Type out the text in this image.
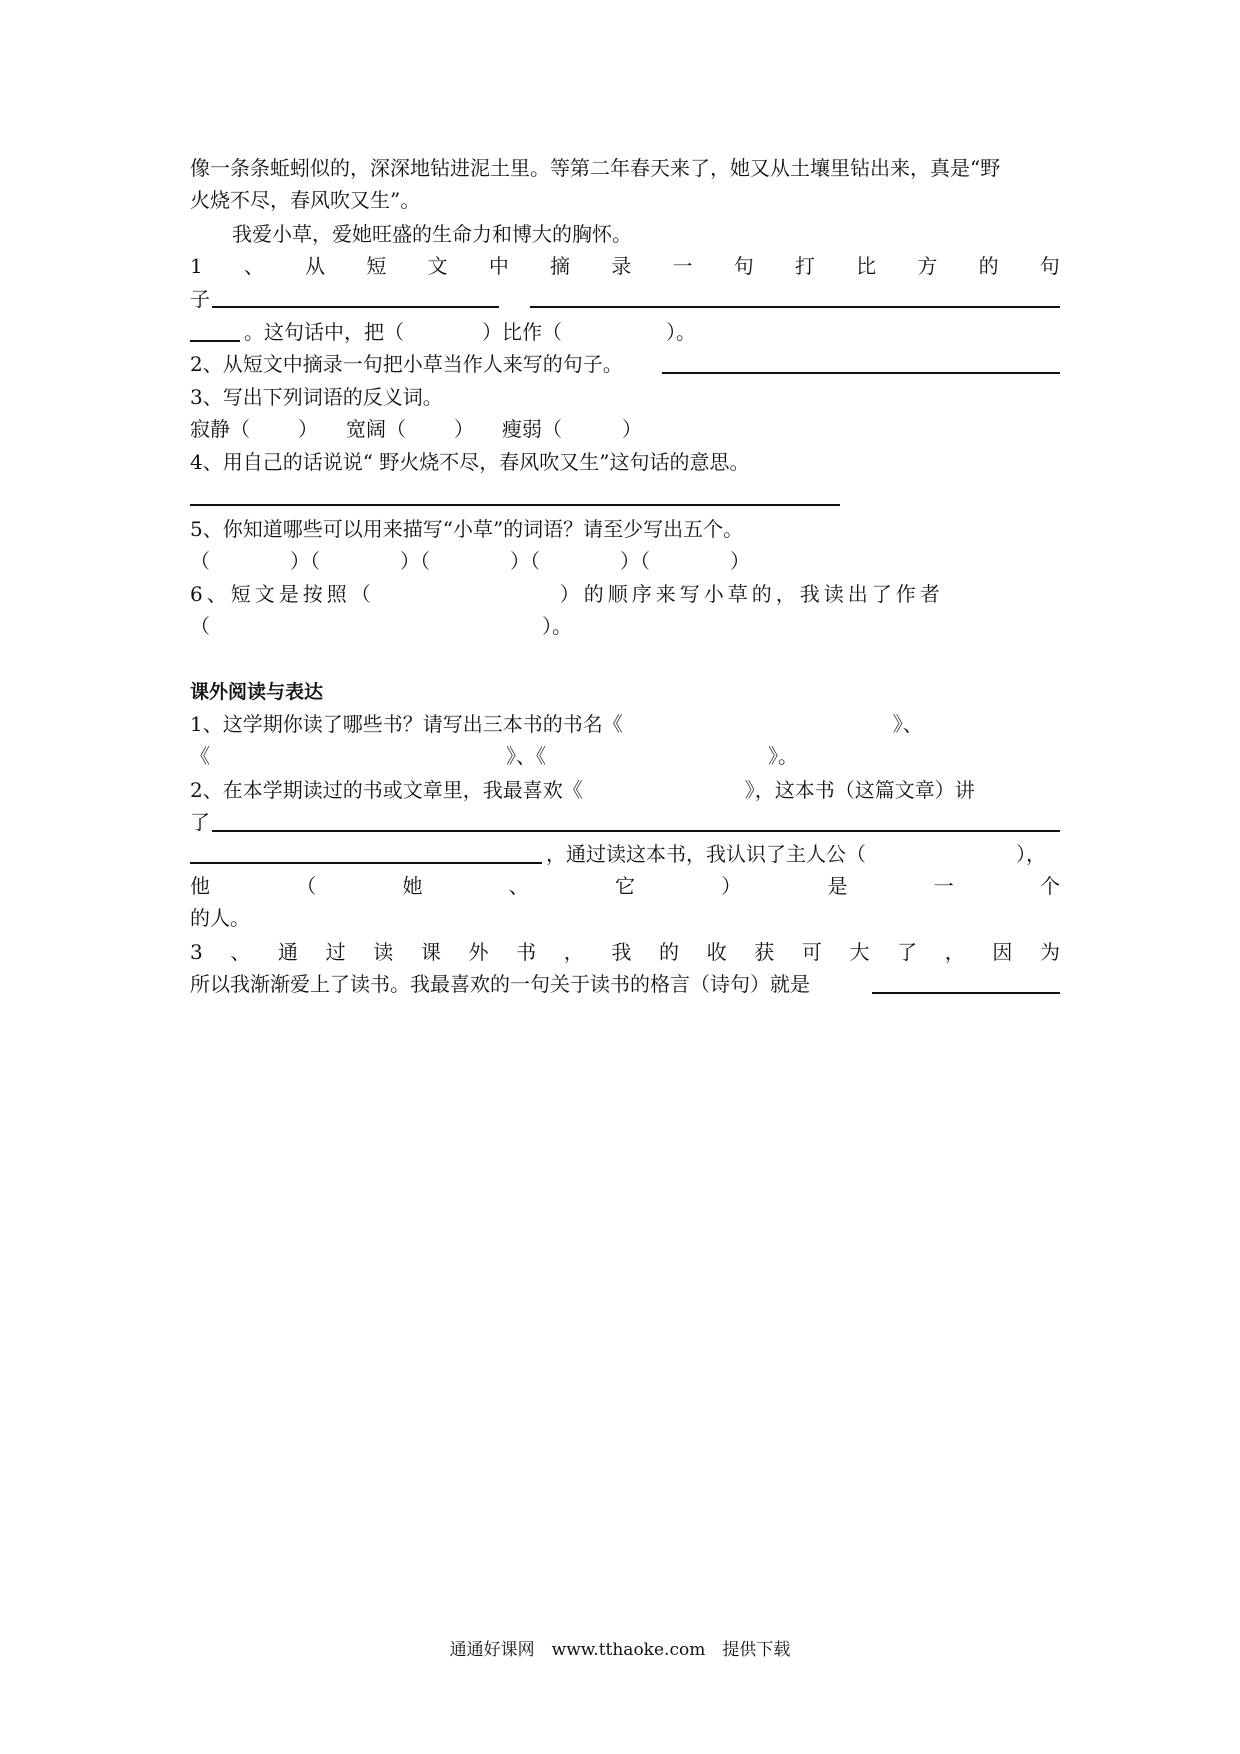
像一条条蚯蚓似的，深深地钻进泥土里。等第二年春天来了，她又从土壤里钻出来，真是“野
火烧不尽，春风吹又生”。
我爱小草，爱她旺盛的生命力和博大的胸怀。
1 、 从 短 文 中 摘 录 一 句 打 比 方 的 句
子
。这句话中，把（	）比作（	）。
2、从短文中摘录一句把小草当作人来写的句子。
3、写出下列词语的反义词。
寂静（ ） 宽阔（ ） 瘦弱（	）
4、用自己的话说说“ 野火烧不尽，春风吹又生”这句话的意思。
5、你知道哪些可以用来描写“小草”的词语？请至少写出五个。
（　　　　）（　　　　）（　　　　）（　　　　）（　　　　）
6、短文是按照（	）的顺序来写小草的，我读出了作者
（	）。
课外阅读与表达
1、这学期你读了哪些书？请写出三本书的书名《	》、
《	》、《	》。
2、在本学期读过的书或文章里，我最喜欢《	》，这本书（这篇文章）讲
了
，通过读这本书，我认识了主人公（	），
他	（	她	、	它	）	是	一	个
的人。
3 、 通 过 读 课 外 书 ， 我 的 收 获 可 大 了 ， 因 为
所以我渐渐爱上了读书。我最喜欢的一句关于读书的格言（诗句）就是
通通好课网　www.tthaoke.com　提供下载
